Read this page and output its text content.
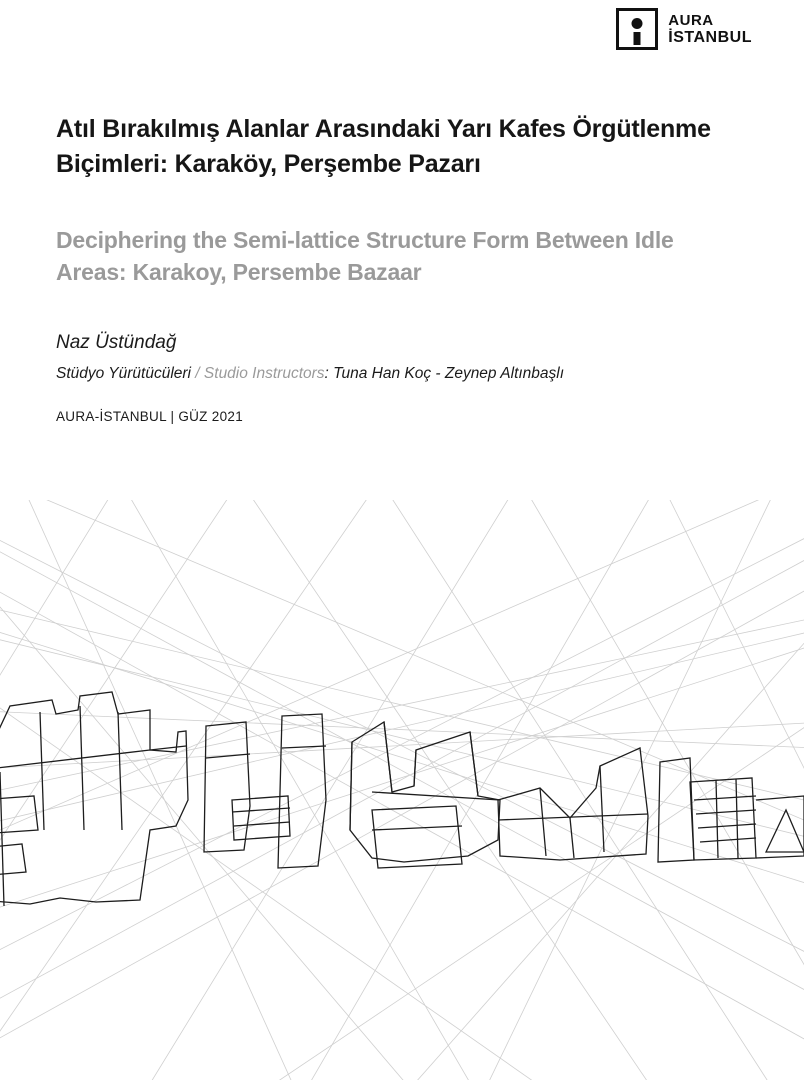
AURA
İSTANBUL
Atıl Bırakılmış Alanlar Arasındaki Yarı Kafes Örgütlenme Biçimleri: Karaköy, Perşembe Pazarı
Deciphering the Semi-lattice Structure Form Between Idle Areas: Karakoy, Persembe Bazaar

Naz Üstündağ

Stüdyo Yürütücüleri / Studio Instructors: Tuna Han Koç - Zeynep Altınbaşlı

AURA-İSTANBUL | GÜZ 2021
